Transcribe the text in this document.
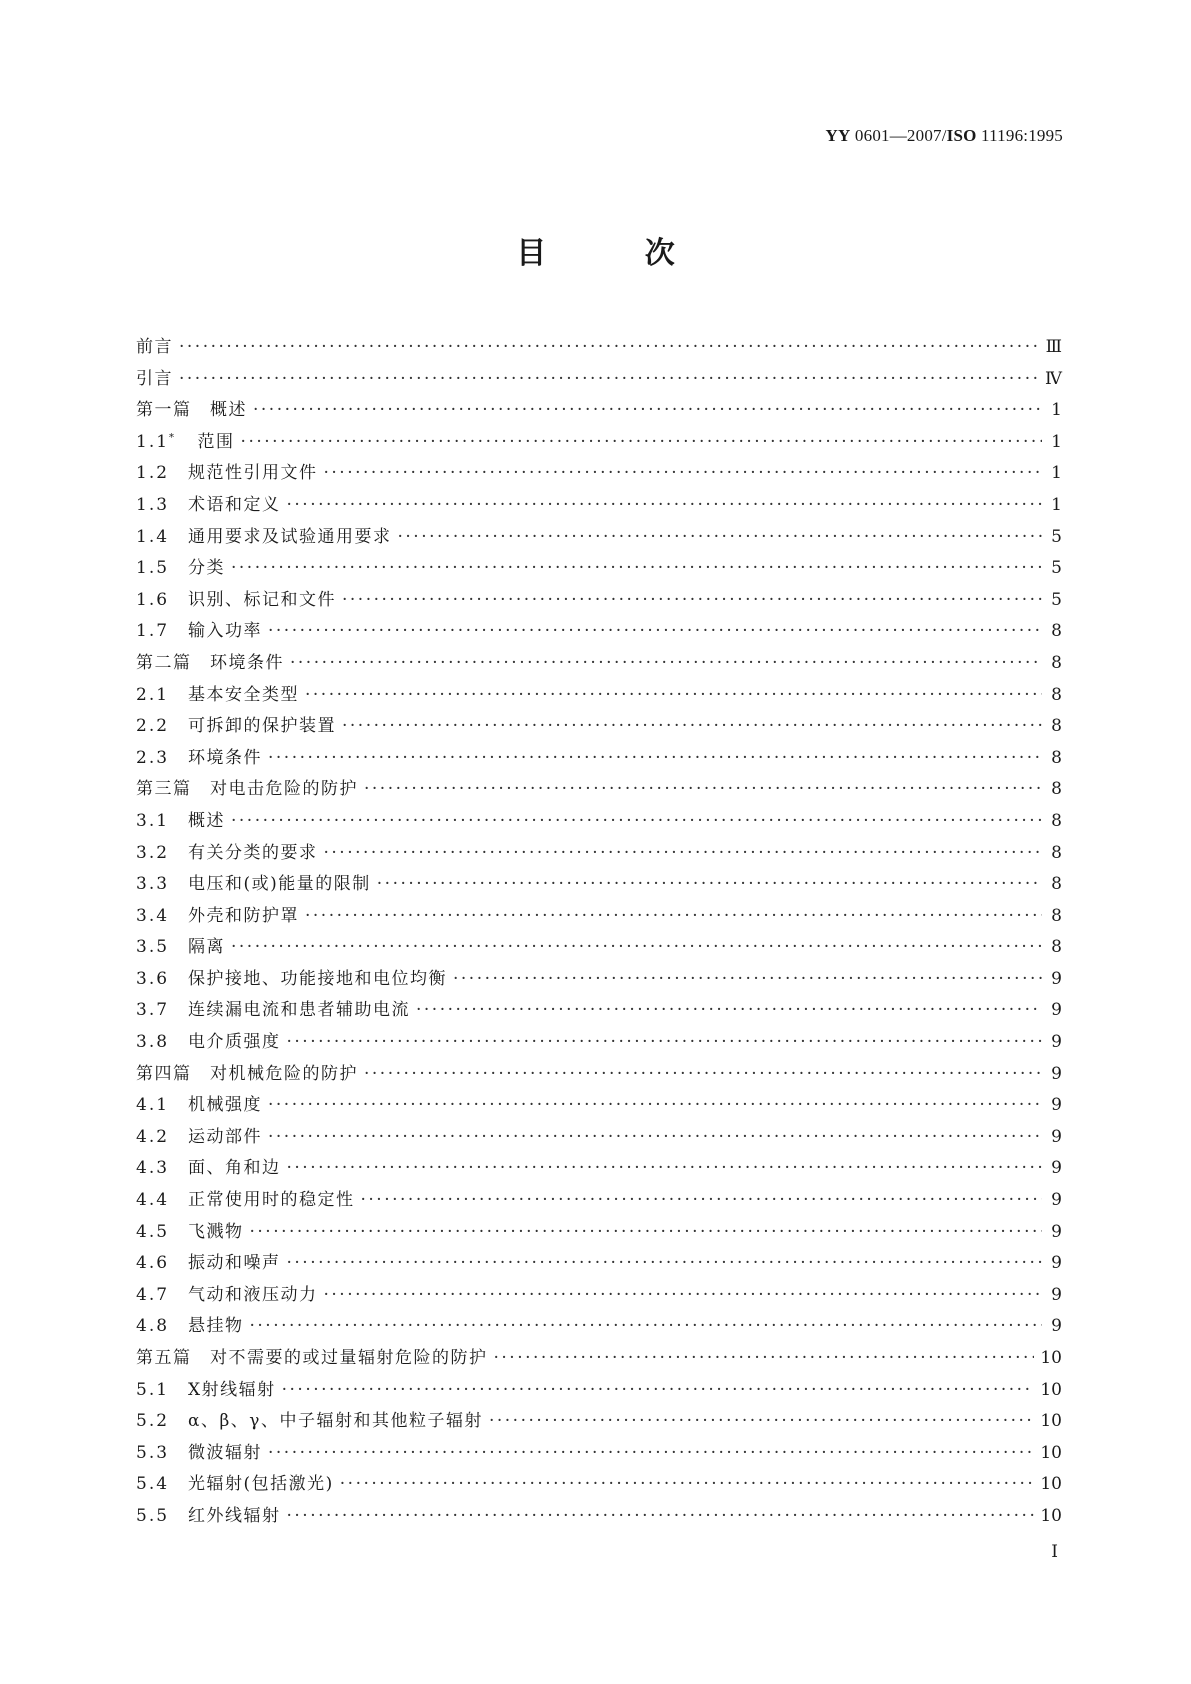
YY 0601—2007/ISO 11196:1995
目 次
前言 ·····	Ⅲ
引言 ·····	Ⅳ
第一篇　概述 ·····	1
1.1* 范围 ·····	1
1.2 规范性引用文件 ·····	1
1.3 术语和定义 ·····	1
1.4 通用要求及试验通用要求 ·····	5
1.5 分类 ·····	5
1.6 识别、标记和文件 ·····	5
1.7 输入功率 ·····	8
第二篇　环境条件 ·····	8
2.1 基本安全类型 ·····	8
2.2 可拆卸的保护装置 ·····	8
2.3 环境条件 ·····	8
第三篇　对电击危险的防护 ·····	8
3.1 概述 ·····	8
3.2 有关分类的要求 ·····	8
3.3 电压和(或)能量的限制 ·····	8
3.4 外壳和防护罩 ·····	8
3.5 隔离 ·····	8
3.6 保护接地、功能接地和电位均衡 ·····	9
3.7 连续漏电流和患者辅助电流 ·····	9
3.8 电介质强度 ·····	9
第四篇　对机械危险的防护 ·····	9
4.1 机械强度 ·····	9
4.2 运动部件 ·····	9
4.3 面、角和边 ·····	9
4.4 正常使用时的稳定性 ·····	9
4.5 飞溅物 ·····	9
4.6 振动和噪声 ·····	9
4.7 气动和液压动力 ·····	9
4.8 悬挂物 ·····	9
第五篇　对不需要的或过量辐射危险的防护 ·····	10
5.1 X射线辐射 ·····	10
5.2 α、β、γ、中子辐射和其他粒子辐射 ·····	10
5.3 微波辐射 ·····	10
5.4 光辐射(包括激光) ·····	10
5.5 红外线辐射 ·····	10
Ⅰ
